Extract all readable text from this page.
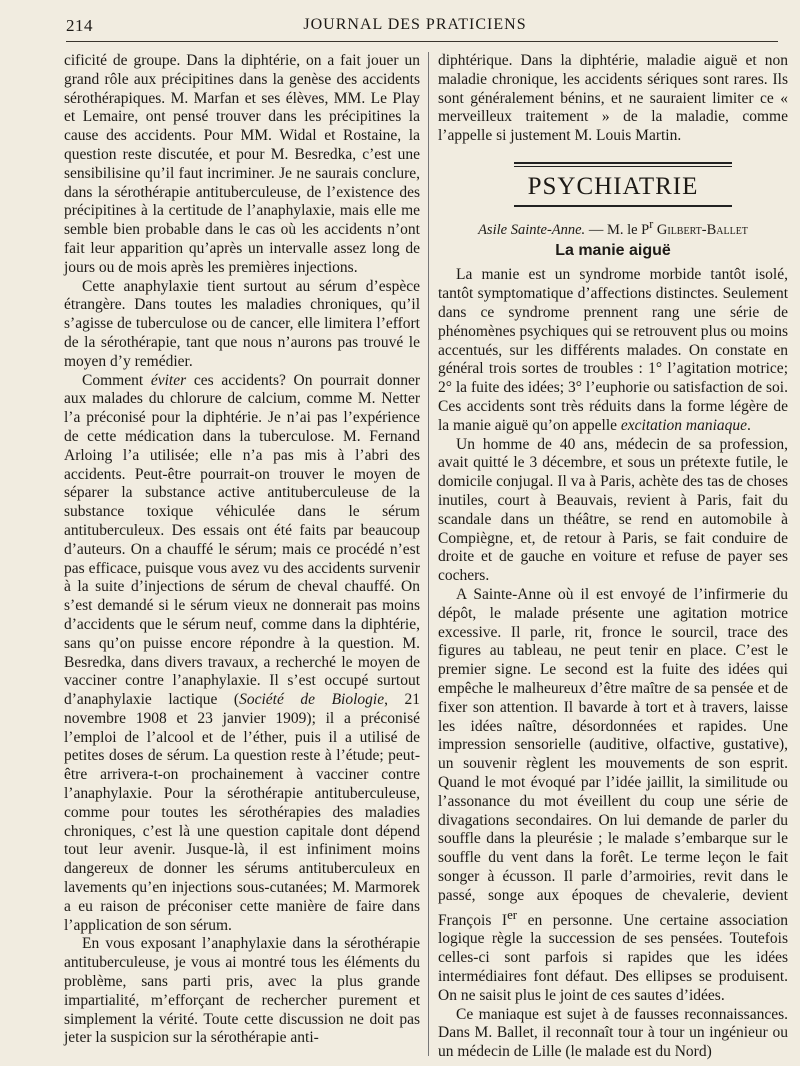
214	JOURNAL DES PRATICIENS

cificité de groupe. Dans la diphtérie, on a fait jouer un grand rôle aux précipitines dans la genèse des accidents sérothérapiques. M. Marfan et ses élèves, MM. Le Play et Lemaire, ont pensé trouver dans les précipitines la cause des accidents. Pour MM. Widal et Rostaine, la question reste discutée, et pour M. Besredka, c’est une sensibilisine qu’il faut incriminer. Je ne saurais conclure, dans la sérothérapie antituberculeuse, de l’existence des précipitines à la certitude de l’anaphylaxie, mais elle me semble bien probable dans le cas où les accidents n’ont fait leur apparition qu’après un intervalle assez long de jours ou de mois après les premières injections.

Cette anaphylaxie tient surtout au sérum d’espèce étrangère. Dans toutes les maladies chroniques, qu’il s’agisse de tuberculose ou de cancer, elle limitera l’effort de la sérothérapie, tant que nous n’aurons pas trouvé le moyen d’y remédier.

Comment éviter ces accidents? On pourrait donner aux malades du chlorure de calcium, comme M. Netter l’a préconisé pour la diphtérie. Je n’ai pas l’expérience de cette médication dans la tuberculose. M. Fernand Arloing l’a utilisée; elle n’a pas mis à l’abri des accidents. Peut-être pourrait-on trouver le moyen de séparer la substance active antituberculeuse de la substance toxique véhiculée dans le sérum antituberculeux. Des essais ont été faits par beaucoup d’auteurs. On a chauffé le sérum; mais ce procédé n’est pas efficace, puisque vous avez vu des accidents survenir à la suite d’injections de sérum de cheval chauffé. On s’est demandé si le sérum vieux ne donnerait pas moins d’accidents que le sérum neuf, comme dans la diphtérie, sans qu’on puisse encore répondre à la question. M. Besredka, dans divers travaux, a recherché le moyen de vacciner contre l’anaphylaxie. Il s’est occupé surtout d’anaphylaxie lactique (Société de Biologie, 21 novembre 1908 et 23 janvier 1909); il a préconisé l’emploi de l’alcool et de l’éther, puis il a utilisé de petites doses de sérum. La question reste à l’étude; peut-être arrivera-t-on prochainement à vacciner contre l’anaphylaxie. Pour la sérothérapie antituberculeuse, comme pour toutes les sérothérapies des maladies chroniques, c’est là une question capitale dont dépend tout leur avenir. Jusque-là, il est infiniment moins dangereux de donner les sérums antituberculeux en lavements qu’en injections sous-cutanées; M. Marmorek a eu raison de préconiser cette manière de faire dans l’application de son sérum.

En vous exposant l’anaphylaxie dans la sérothérapie antituberculeuse, je vous ai montré tous les éléments du problème, sans parti pris, avec la plus grande impartialité, m’efforçant de rechercher purement et simplement la vérité. Toute cette discussion ne doit pas jeter la suspicion sur la sérothérapie anti-

diphtérique. Dans la diphtérie, maladie aiguë et non maladie chronique, les accidents sériques sont rares. Ils sont généralement bénins, et ne sauraient limiter ce « merveilleux traitement » de la maladie, comme l’appelle si justement M. Louis Martin.

PSYCHIATRIE
Asile Sainte-Anne. — M. le $P^r$ Gilbert-Ballet
La manie aiguë

La manie est un syndrome morbide tantôt isolé, tantôt symptomatique d’affections distinctes. Seulement dans ce syndrome prennent rang une série de phénomènes psychiques qui se retrouvent plus ou moins accentués, sur les différents malades. On constate en général trois sortes de troubles : 1° l’agitation motrice; 2° la fuite des idées; 3° l’euphorie ou satisfaction de soi. Ces accidents sont très réduits dans la forme légère de la manie aiguë qu’on appelle excitation maniaque.

Un homme de 40 ans, médecin de sa profession, avait quitté le 3 décembre, et sous un prétexte futile, le domicile conjugal. Il va à Paris, achète des tas de choses inutiles, court à Beauvais, revient à Paris, fait du scandale dans un théâtre, se rend en automobile à Compiègne, et, de retour à Paris, se fait conduire de droite et de gauche en voiture et refuse de payer ses cochers.

A Sainte-Anne où il est envoyé de l’infirmerie du dépôt, le malade présente une agitation motrice excessive. Il parle, rit, fronce le sourcil, trace des figures au tableau, ne peut tenir en place. C’est le premier signe. Le second est la fuite des idées qui empêche le malheureux d’être maître de sa pensée et de fixer son attention. Il bavarde à tort et à travers, laisse les idées naître, désordonnées et rapides. Une impression sensorielle (auditive, olfactive, gustative), un souvenir règlent les mouvements de son esprit. Quand le mot évoqué par l’idée jaillit, la similitude ou l’assonance du mot éveillent du coup une série de divagations secondaires. On lui demande de parler du souffle dans la pleurésie ; le malade s’embarque sur le souffle du vent dans la forêt. Le terme leçon le fait songer à écusson. Il parle d’armoiries, revit dans le passé, songe aux époques de chevalerie, devient François Ier en personne. Une certaine association logique règle la succession de ses pensées. Toutefois celles-ci sont parfois si rapides que les idées intermédiaires font défaut. Des ellipses se produisent. On ne saisit plus le joint de ces sautes d’idées.

Ce maniaque est sujet à de fausses reconnaissances. Dans M. Ballet, il reconnaît tour à tour un ingénieur ou un médecin de Lille (le malade est du Nord)
